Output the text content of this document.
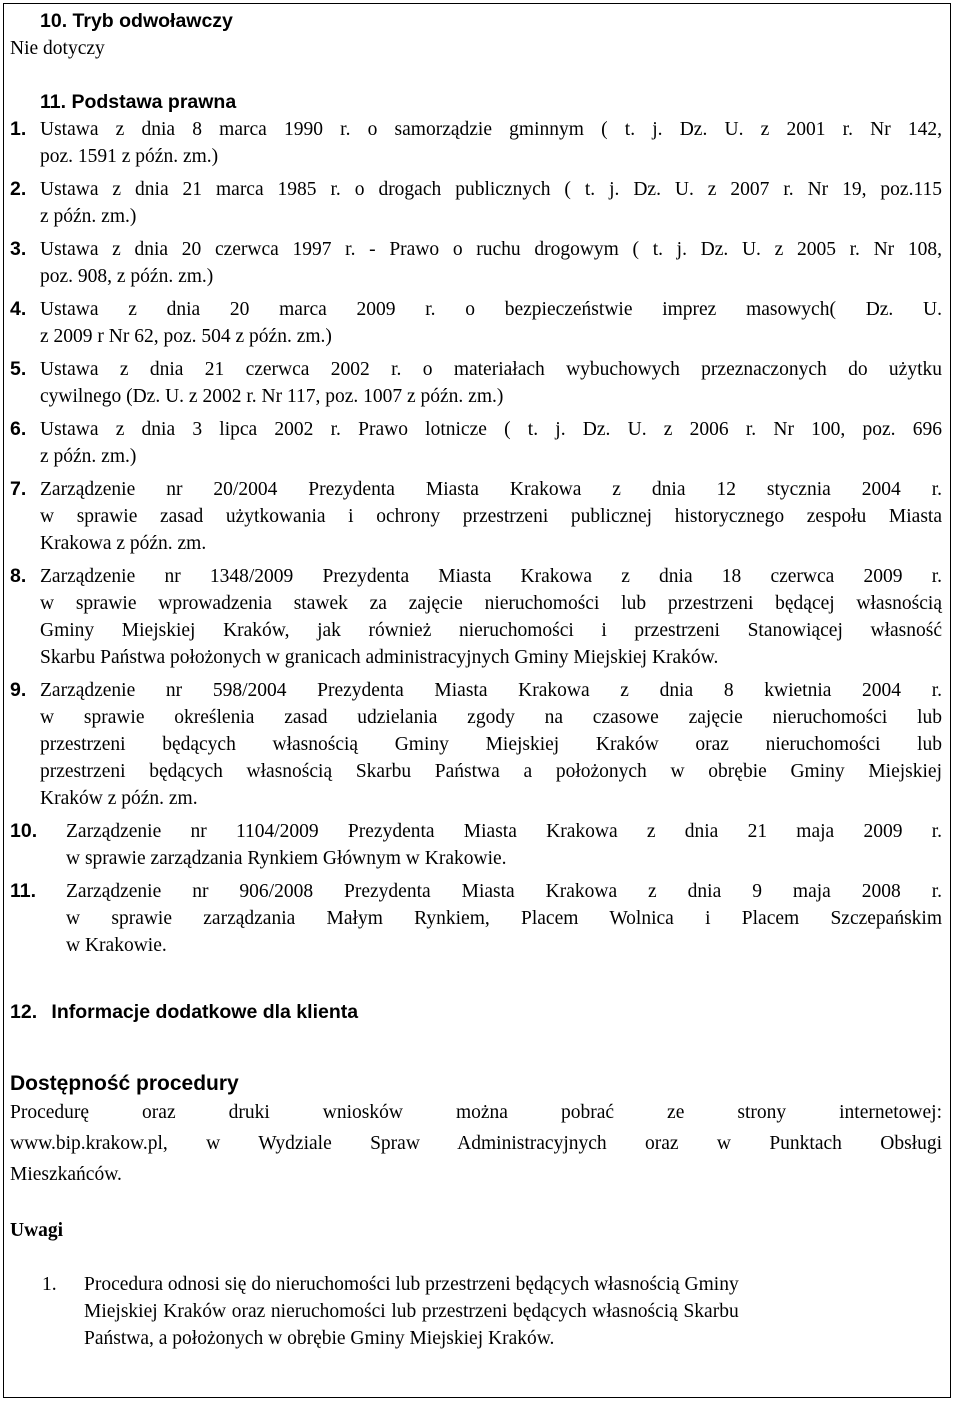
10. Tryb odwoławczy

Nie dotyczy

11. Podstawa prawna

1. Ustawa z dnia 8 marca 1990 r. o samorządzie gminnym ( t. j. Dz. U. z 2001 r. Nr 142,

poz. 1591 z późn. zm.)

2. Ustawa z dnia 21 marca 1985 r. o drogach publicznych ( t. j. Dz. U. z 2007 r. Nr 19, poz.115

z późn. zm.)

3. Ustawa z dnia 20 czerwca 1997 r. - Prawo o ruchu drogowym ( t. j. Dz. U. z 2005 r. Nr 108,

poz. 908, z późn. zm.)

4. Ustawa z dnia 20 marca 2009 r. o bezpieczeństwie imprez masowych( Dz. U.

z 2009 r Nr 62, poz. 504 z późn. zm.)

5. Ustawa z dnia 21 czerwca 2002 r. o materiałach wybuchowych przeznaczonych do użytku

cywilnego (Dz. U. z 2002 r. Nr 117, poz. 1007 z późn. zm.)

6. Ustawa z dnia 3 lipca 2002 r. Prawo lotnicze ( t. j. Dz. U. z 2006 r. Nr 100, poz. 696

z późn. zm.)

7. Zarządzenie nr 20/2004 Prezydenta Miasta Krakowa z dnia 12 stycznia 2004 r.

w sprawie zasad użytkowania i ochrony przestrzeni publicznej historycznego zespołu Miasta

Krakowa z późn. zm.

8. Zarządzenie nr 1348/2009 Prezydenta Miasta Krakowa z dnia 18 czerwca 2009 r.

w sprawie wprowadzenia stawek za zajęcie nieruchomości lub przestrzeni będącej własnością

Gminy Miejskiej Kraków, jak również nieruchomości i przestrzeni Stanowiącej własność

Skarbu Państwa położonych w granicach administracyjnych Gminy Miejskiej Kraków.

9. Zarządzenie nr 598/2004 Prezydenta Miasta Krakowa z dnia 8 kwietnia 2004 r.

w sprawie określenia zasad udzielania zgody na czasowe zajęcie nieruchomości lub

przestrzeni będących własnością Gminy Miejskiej Kraków oraz nieruchomości lub

przestrzeni będących własnością Skarbu Państwa a położonych w obrębie Gminy Miejskiej

Kraków z późn. zm.

10.	Zarządzenie nr 1104/2009 Prezydenta Miasta Krakowa z dnia 21 maja 2009 r.

w sprawie zarządzania Rynkiem Głównym w Krakowie.

11.	Zarządzenie nr 906/2008 Prezydenta Miasta Krakowa z dnia 9 maja 2008 r.

w sprawie zarządzania Małym Rynkiem, Placem Wolnica i Placem Szczepańskim

w Krakowie.

12. Informacje dodatkowe dla klienta

Dostępność procedury

Procedurę oraz druki wniosków można pobrać ze strony internetowej:

www.bip.krakow.pl, w Wydziale Spraw Administracyjnych oraz w Punktach Obsługi

Mieszkańców.

Uwagi

1.	Procedura odnosi się do nieruchomości lub przestrzeni będących własnością Gminy

Miejskiej Kraków oraz nieruchomości lub przestrzeni będących własnością Skarbu

Państwa, a położonych w obrębie Gminy Miejskiej Kraków.
